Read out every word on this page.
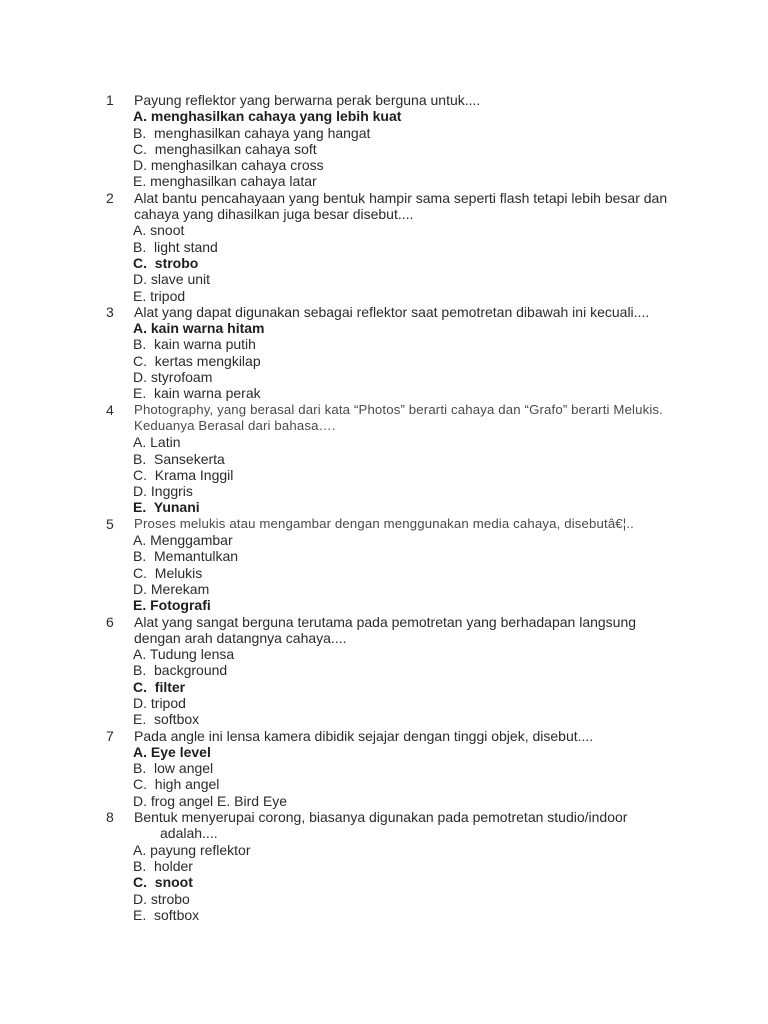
1 Payung reflektor yang berwarna perak berguna untuk....
A. menghasilkan cahaya yang lebih kuat
B.  menghasilkan cahaya yang hangat
C.  menghasilkan cahaya soft
D. menghasilkan cahaya cross
E. menghasilkan cahaya latar
2 Alat bantu pencahayaan yang bentuk hampir sama seperti flash tetapi lebih besar dan
cahaya yang dihasilkan juga besar disebut....
A. snoot
B.  light stand
C.  strobo
D. slave unit
E. tripod
3 Alat yang dapat digunakan sebagai reflektor saat pemotretan dibawah ini kecuali....
A. kain warna hitam
B.  kain warna putih
C.  kertas mengkilap
D. styrofoam
E.  kain warna perak
4 Photography, yang berasal dari kata “Photos” berarti cahaya dan “Grafo” berarti Melukis.
Keduanya Berasal dari bahasa….
A. Latin
B.  Sansekerta
C.  Krama Inggil
D. Inggris
E.  Yunani
5 Proses melukis atau mengambar dengan menggunakan media cahaya, disebutâ€¦..
A. Menggambar
B.  Memantulkan
C.  Melukis
D. Merekam
E. Fotografi
6 Alat yang sangat berguna terutama pada pemotretan yang berhadapan langsung
dengan arah datangnya cahaya....
A. Tudung lensa
B.  background
C.  filter
D. tripod
E.  softbox
7 Pada angle ini lensa kamera dibidik sejajar dengan tinggi objek, disebut....
A. Eye level
B.  low angel
C.  high angel
D. frog angel E. Bird Eye
8 Bentuk menyerupai corong, biasanya digunakan pada pemotretan studio/indoor
adalah....
A. payung reflektor
B.  holder
C.  snoot
D. strobo
E.  softbox
